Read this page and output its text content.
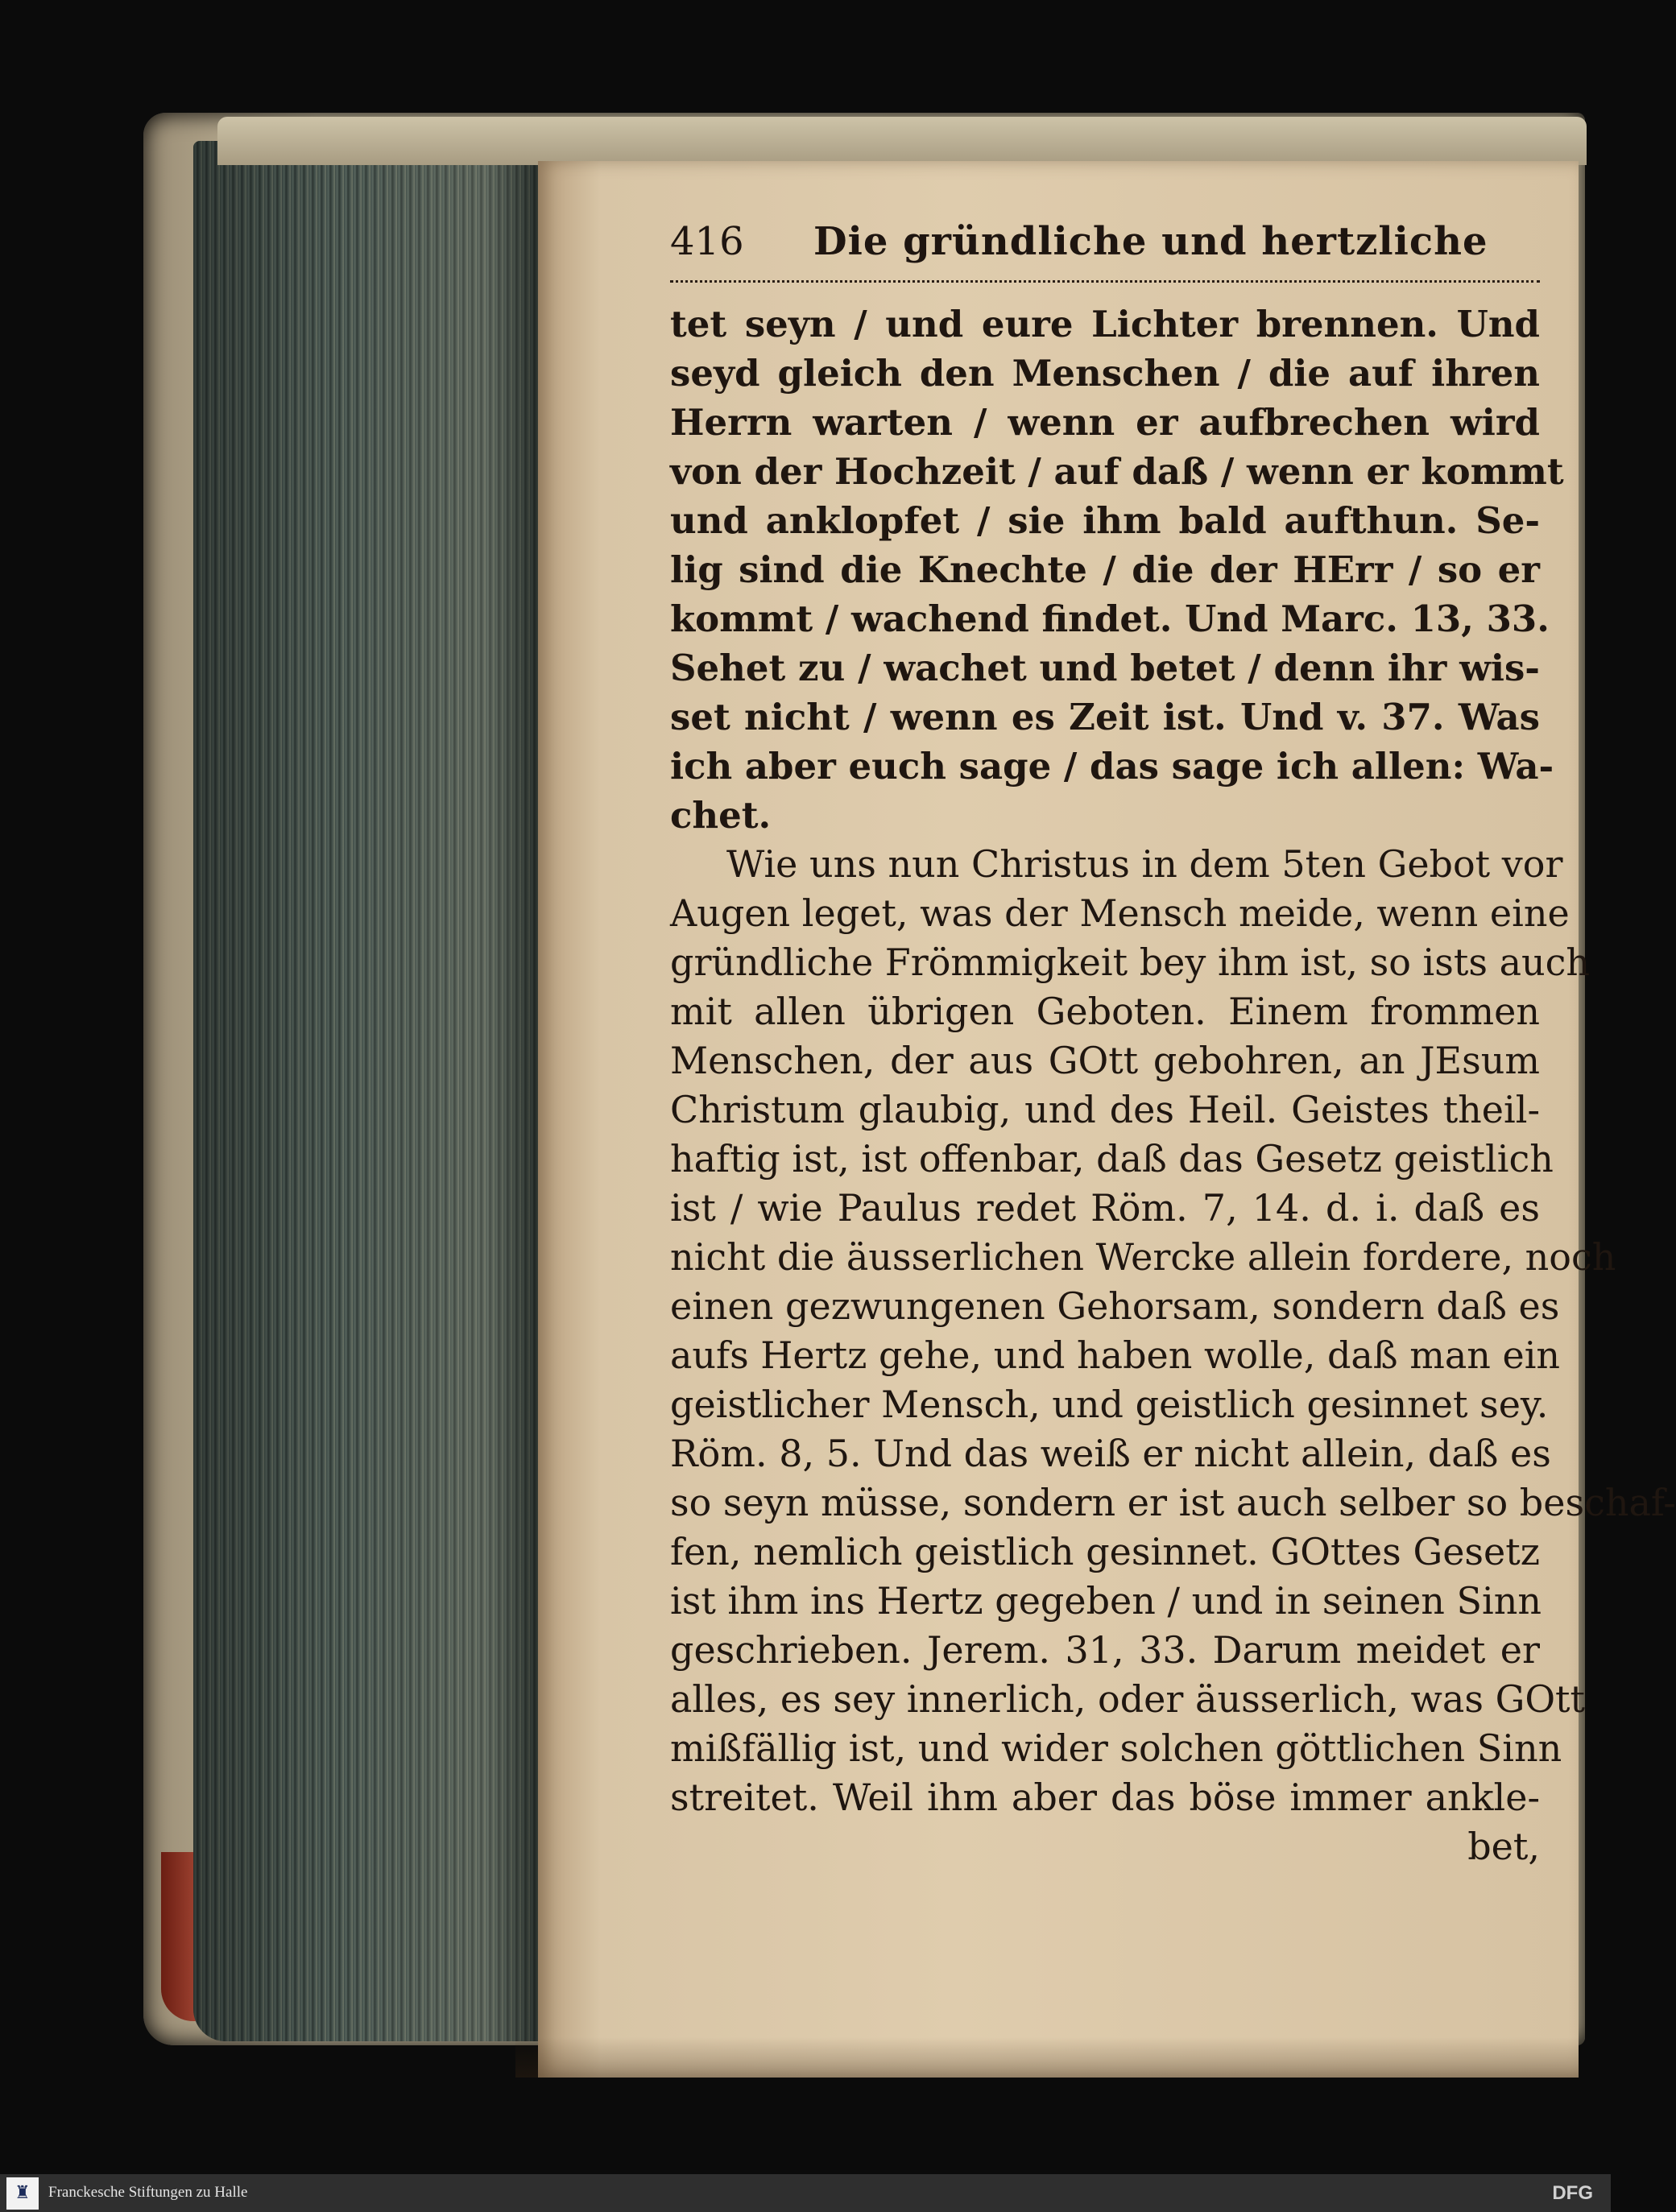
416 Die gründliche und hertzliche
tet seyn / und eure Lichter brennen. Und
seyd gleich den Menschen / die auf ihren
Herrn warten / wenn er aufbrechen wird
von der Hochzeit / auf daß / wenn er kommt
und anklopfet / sie ihm bald aufthun. Se-
lig sind die Knechte / die der HErr / so er
kommt / wachend findet. Und Marc. 13, 33.
Sehet zu / wachet und betet / denn ihr wis-
set nicht / wenn es Zeit ist. Und v. 37. Was
ich aber euch sage / das sage ich allen: Wa-
chet.
Wie uns nun Christus in dem 5ten Gebot vor
Augen leget, was der Mensch meide, wenn eine
gründliche Frömmigkeit bey ihm ist, so ists auch
mit allen übrigen Geboten. Einem frommen
Menschen, der aus GOtt gebohren, an JEsum
Christum glaubig, und des Heil. Geistes theil-
haftig ist, ist offenbar, daß das Gesetz geistlich
ist / wie Paulus redet Röm. 7, 14. d. i. daß es
nicht die äusserlichen Wercke allein fordere, noch
einen gezwungenen Gehorsam, sondern daß es
aufs Hertz gehe, und haben wolle, daß man ein
geistlicher Mensch, und geistlich gesinnet sey.
Röm. 8, 5. Und das weiß er nicht allein, daß es
so seyn müsse, sondern er ist auch selber so beschaf-
fen, nemlich geistlich gesinnet. GOttes Gesetz
ist ihm ins Hertz gegeben / und in seinen Sinn
geschrieben. Jerem. 31, 33. Darum meidet er
alles, es sey innerlich, oder äusserlich, was GOtt
mißfällig ist, und wider solchen göttlichen Sinn
streitet. Weil ihm aber das böse immer ankle-
bet,
♜	Franckesche Stiftungen zu Halle	DFG
